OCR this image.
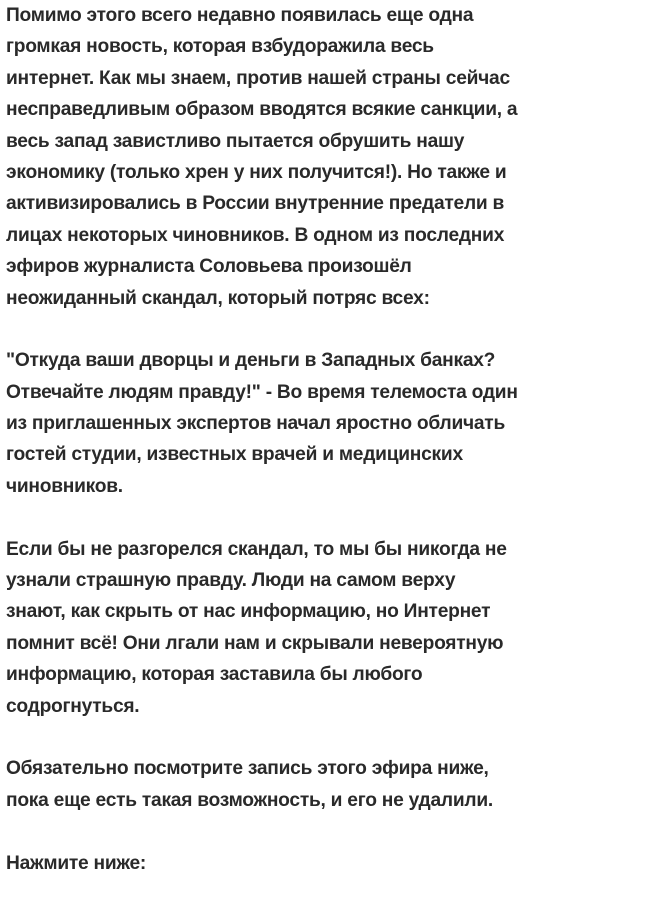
Помимо этого всего недавно появилась еще одна
громкая новость, которая взбудоражила весь
интернет. Как мы знаем, против нашей страны сейчас
несправедливым образом вводятся всякие санкции, а
весь запад завистливо пытается обрушить нашу
экономику (только хрен у них получится!). Но также и
активизировались в России внутренние предатели в
лицах некоторых чиновников. В одном из последних
эфиров журналиста Соловьева произошёл
неожиданный скандал, который потряс всех:

"Откуда ваши дворцы и деньги в Западных банках?
Отвечайте людям правду!" - Во время телемоста один
из приглашенных экспертов начал яростно обличать
гостей студии, известных врачей и медицинских
чиновников.

Если бы не разгорелся скандал, то мы бы никогда не
узнали страшную правду. Люди на самом верху
знают, как скрыть от нас информацию, но Интернет
помнит всё! Они лгали нам и скрывали невероятную
информацию, которая заставила бы любого
содрогнуться.

Обязательно посмотрите запись этого эфира ниже,
пока еще есть такая возможность, и его не удалили.

Нажмите ниже:
